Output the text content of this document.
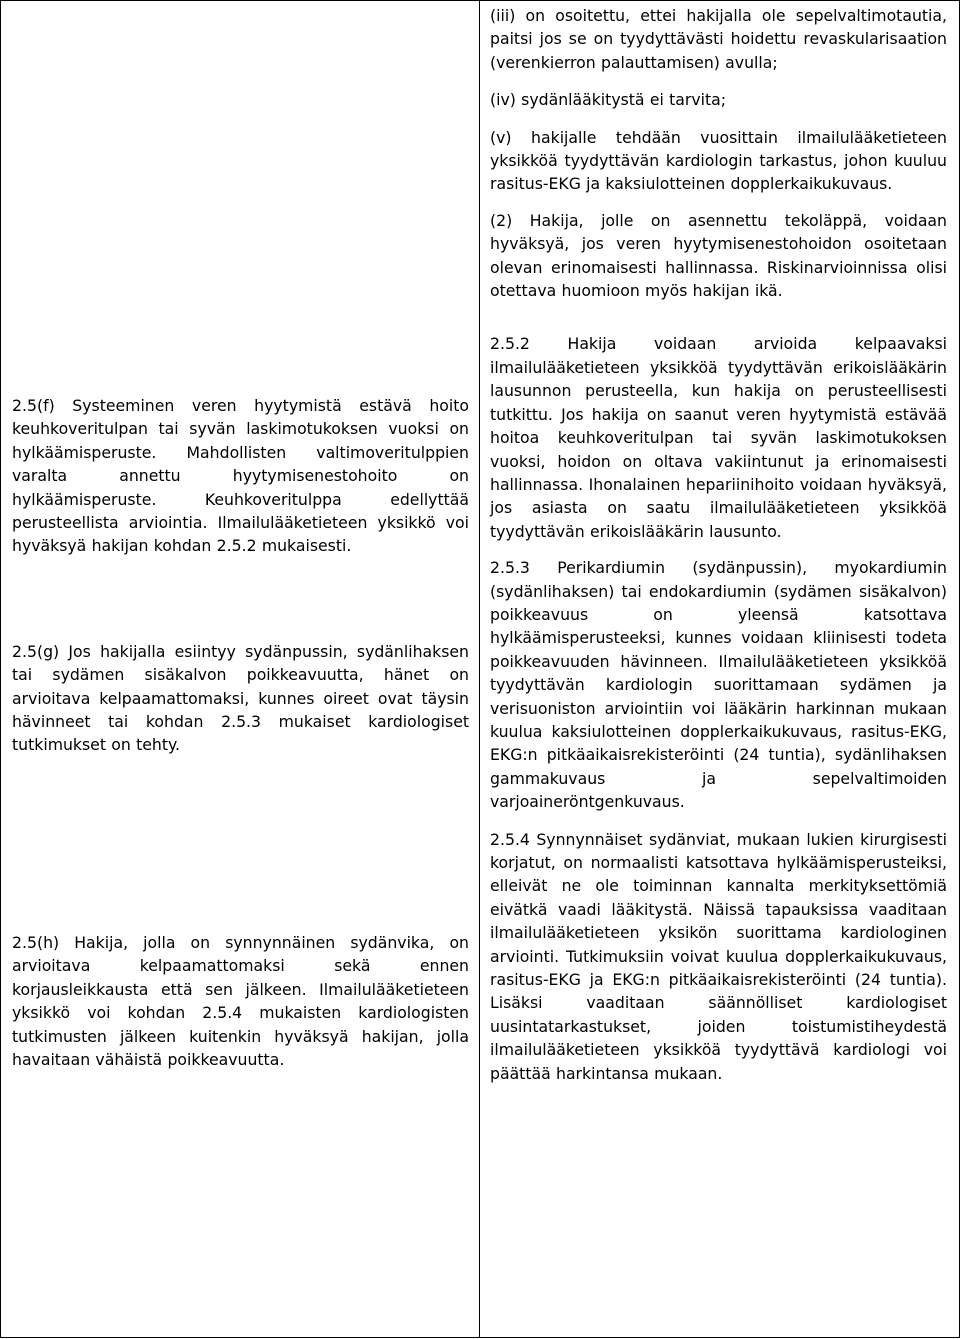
2.5(f) Systeeminen veren hyytymistä estävä hoito keuhkoveritulpan tai syvän laskimotukoksen vuoksi on hylkäämisperuste. Mahdollisten valtimoveritulppien varalta annettu hyytymisenestohoito on hylkäämisperuste. Keuhkoveritulppa edellyttää perusteellista arviointia. Ilmailulääketieteen yksikkö voi hyväksyä hakijan kohdan 2.5.2 mukaisesti.

2.5(g) Jos hakijalla esiintyy sydänpussin, sydänlihaksen tai sydämen sisäkalvon poikkeavuutta, hänet on arvioitava kelpaamattomaksi, kunnes oireet ovat täysin hävinneet tai kohdan 2.5.3 mukaiset kardiologiset tutkimukset on tehty.

2.5(h) Hakija, jolla on synnynnäinen sydänvika, on arvioitava kelpaamattomaksi sekä ennen korjausleikkausta että sen jälkeen. Ilmailulääketieteen yksikkö voi kohdan 2.5.4 mukaisten kardiologisten tutkimusten jälkeen kuitenkin hyväksyä hakijan, jolla havaitaan vähäistä poikkeavuutta.

(iii) on osoitettu, ettei hakijalla ole sepelvaltimotautia, paitsi jos se on tyydyttävästi hoidettu revaskularisaation (verenkierron palauttamisen) avulla;

(iv) sydänlääkitystä ei tarvita;

(v) hakijalle tehdään vuosittain ilmailulääketieteen yksikköä tyydyttävän kardiologin tarkastus, johon kuuluu rasitus-EKG ja kaksiulotteinen dopplerkaikukuvaus.

(2) Hakija, jolle on asennettu tekoläppä, voidaan hyväksyä, jos veren hyytymisenestohoidon osoitetaan olevan erinomaisesti hallinnassa. Riskinarvioinnissa olisi otettava huomioon myös hakijan ikä.

2.5.2 Hakija voidaan arvioida kelpaavaksi ilmailulääketieteen yksikköä tyydyttävän erikoislääkärin lausunnon perusteella, kun hakija on perusteellisesti tutkittu. Jos hakija on saanut veren hyytymistä estävää hoitoa keuhkoveritulpan tai syvän laskimotukoksen vuoksi, hoidon on oltava vakiintunut ja erinomaisesti hallinnassa. Ihonalainen hepariinihoito voidaan hyväksyä, jos asiasta on saatu ilmailulääketieteen yksikköä tyydyttävän erikoislääkärin lausunto.

2.5.3 Perikardiumin (sydänpussin), myokardiumin (sydänlihaksen) tai endokardiumin (sydämen sisäkalvon) poikkeavuus on yleensä katsottava hylkäämisperusteeksi, kunnes voidaan kliinisesti todeta poikkeavuuden hävinneen. Ilmailulääketieteen yksikköä tyydyttävän kardiologin suorittamaan sydämen ja verisuoniston arviointiin voi lääkärin harkinnan mukaan kuulua kaksiulotteinen dopplerkaikukuvaus, rasitus-EKG, EKG:n pitkäaikaisrekisteröinti (24 tuntia), sydänlihaksen gammakuvaus ja sepelvaltimoiden varjoaineröntgenkuvaus.

2.5.4 Synnynnäiset sydänviat, mukaan lukien kirurgisesti korjatut, on normaalisti katsottava hylkäämisperusteiksi, elleivät ne ole toiminnan kannalta merkityksettömiä eivätkä vaadi lääkitystä. Näissä tapauksissa vaaditaan ilmailulääketieteen yksikön suorittama kardiologinen arviointi. Tutkimuksiin voivat kuulua dopplerkaikukuvaus, rasitus-EKG ja EKG:n pitkäaikaisrekisteröinti (24 tuntia). Lisäksi vaaditaan säännölliset kardiologiset uusintatarkastukset, joiden toistumistiheydestä ilmailulääketieteen yksikköä tyydyttävä kardiologi voi päättää harkintansa mukaan.
